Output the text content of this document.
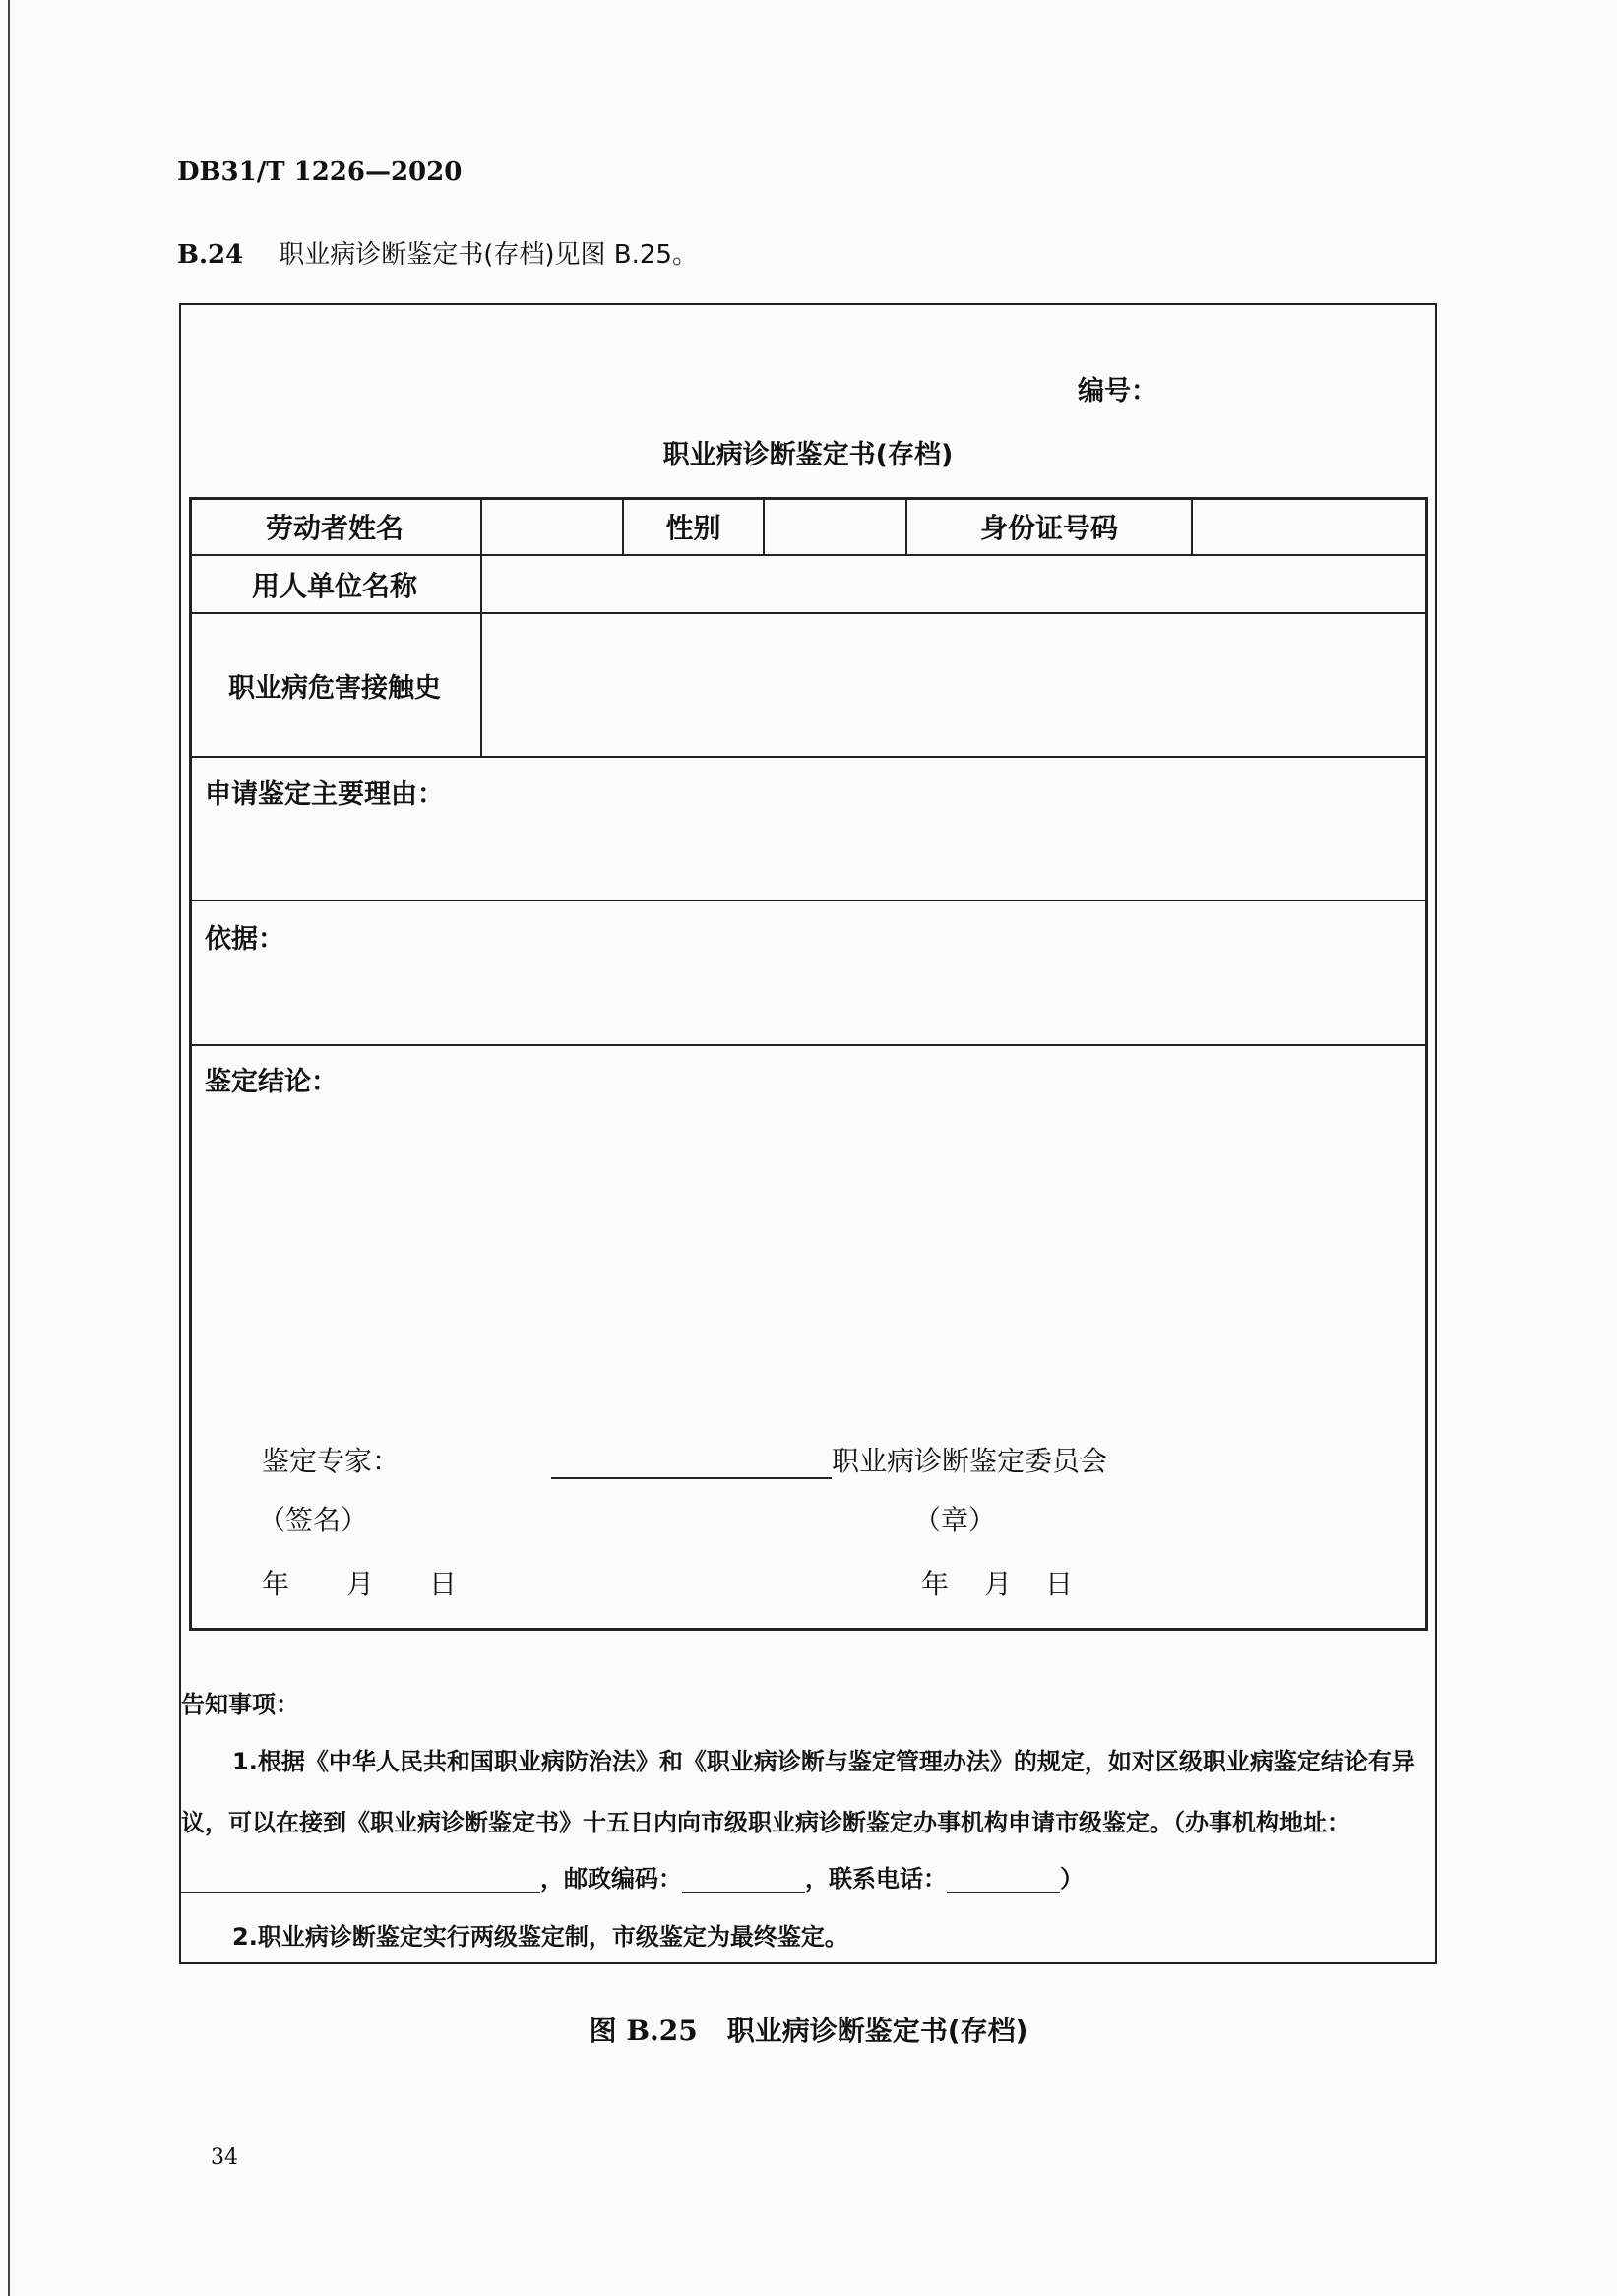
DB31/T 1226—2020
B.24 职业病诊断鉴定书(存档)见图 B.25。
编号：
职业病诊断鉴定书(存档)
劳动者姓名	性别	身份证号码
用人单位名称
职业病危害接触史
申请鉴定主要理由：
依据：
鉴定结论：
鉴定专家：	职业病诊断鉴定委员会
（签名）	（章）
年 月 日	年 月 日
告知事项：
1.根据《中华人民共和国职业病防治法》和《职业病诊断与鉴定管理办法》的规定，如对区级职业病鉴定结论有异
议，可以在接到《职业病诊断鉴定书》十五日内向市级职业病诊断鉴定办事机构申请市级鉴定。（办事机构地址：
，邮政编码：	，联系电话：	）
2.职业病诊断鉴定实行两级鉴定制，市级鉴定为最终鉴定。
图 B.25 职业病诊断鉴定书(存档)
34
